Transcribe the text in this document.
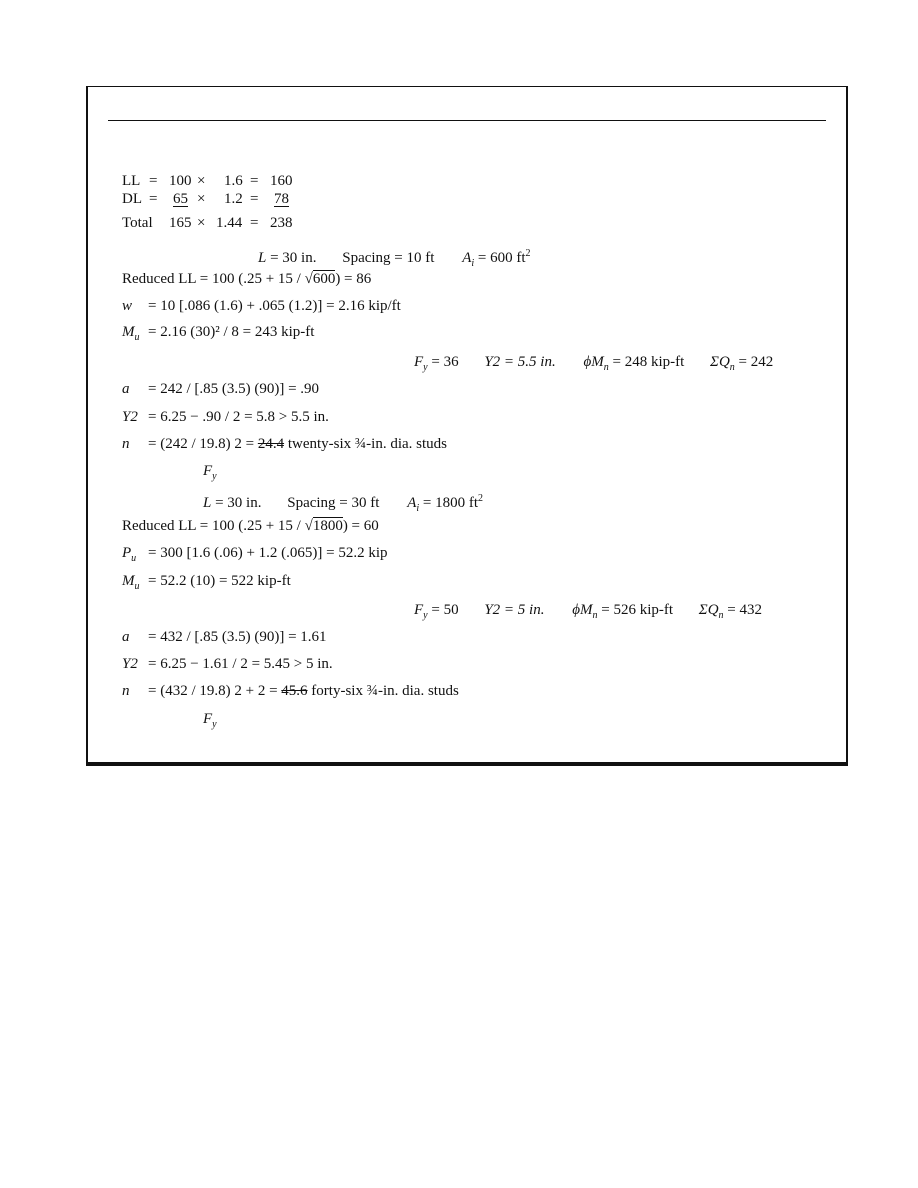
LL = 100 × 1.6 = 160
DL = 65 × 1.2 = 78
Total 165 × 1.44 = 238
L = 30 in. Spacing = 10 ft $A_i = 600$ $ft^2$
Reduced LL = 100 (.25 + 15 / √600) = 86
w = 10 [.086 (1.6) + .065 (1.2)] = 2.16 kip/ft
$M_u = 2.16$ (30)² / 8 = 243 kip-ft
$F_y = 36$ Y2 = 5.5 in. $\phi M_n = 248$ kip-ft $\Sigma Q_n = 242$
a = 242 / [.85 (3.5) (90)] = .90
Y2 = 6.25 − .90 / 2 = 5.8 > 5.5 in.
n = (242 / 19.8) 2 = 24.4 twenty-six ¾-in. dia. studs
$F_y$
L = 30 in. Spacing = 30 ft $A_i = 1800$ $ft^2$
Reduced LL = 100 (.25 + 15 / √1800) = 60
$P_u = 300$ [1.6 (.06) + 1.2 (.065)] = 52.2 kip
$M_u = 52.2$ (10) = 522 kip-ft
$F_y = 50$ Y2 = 5 in. $\phi M_n = 526$ kip-ft $\Sigma Q_n = 432$
a = 432 / [.85 (3.5) (90)] = 1.61
Y2 = 6.25 − 1.61 / 2 = 5.45 > 5 in.
n = (432 / 19.8) 2 + 2 = 45.6 forty-six ¾-in. dia. studs
$F_y$
